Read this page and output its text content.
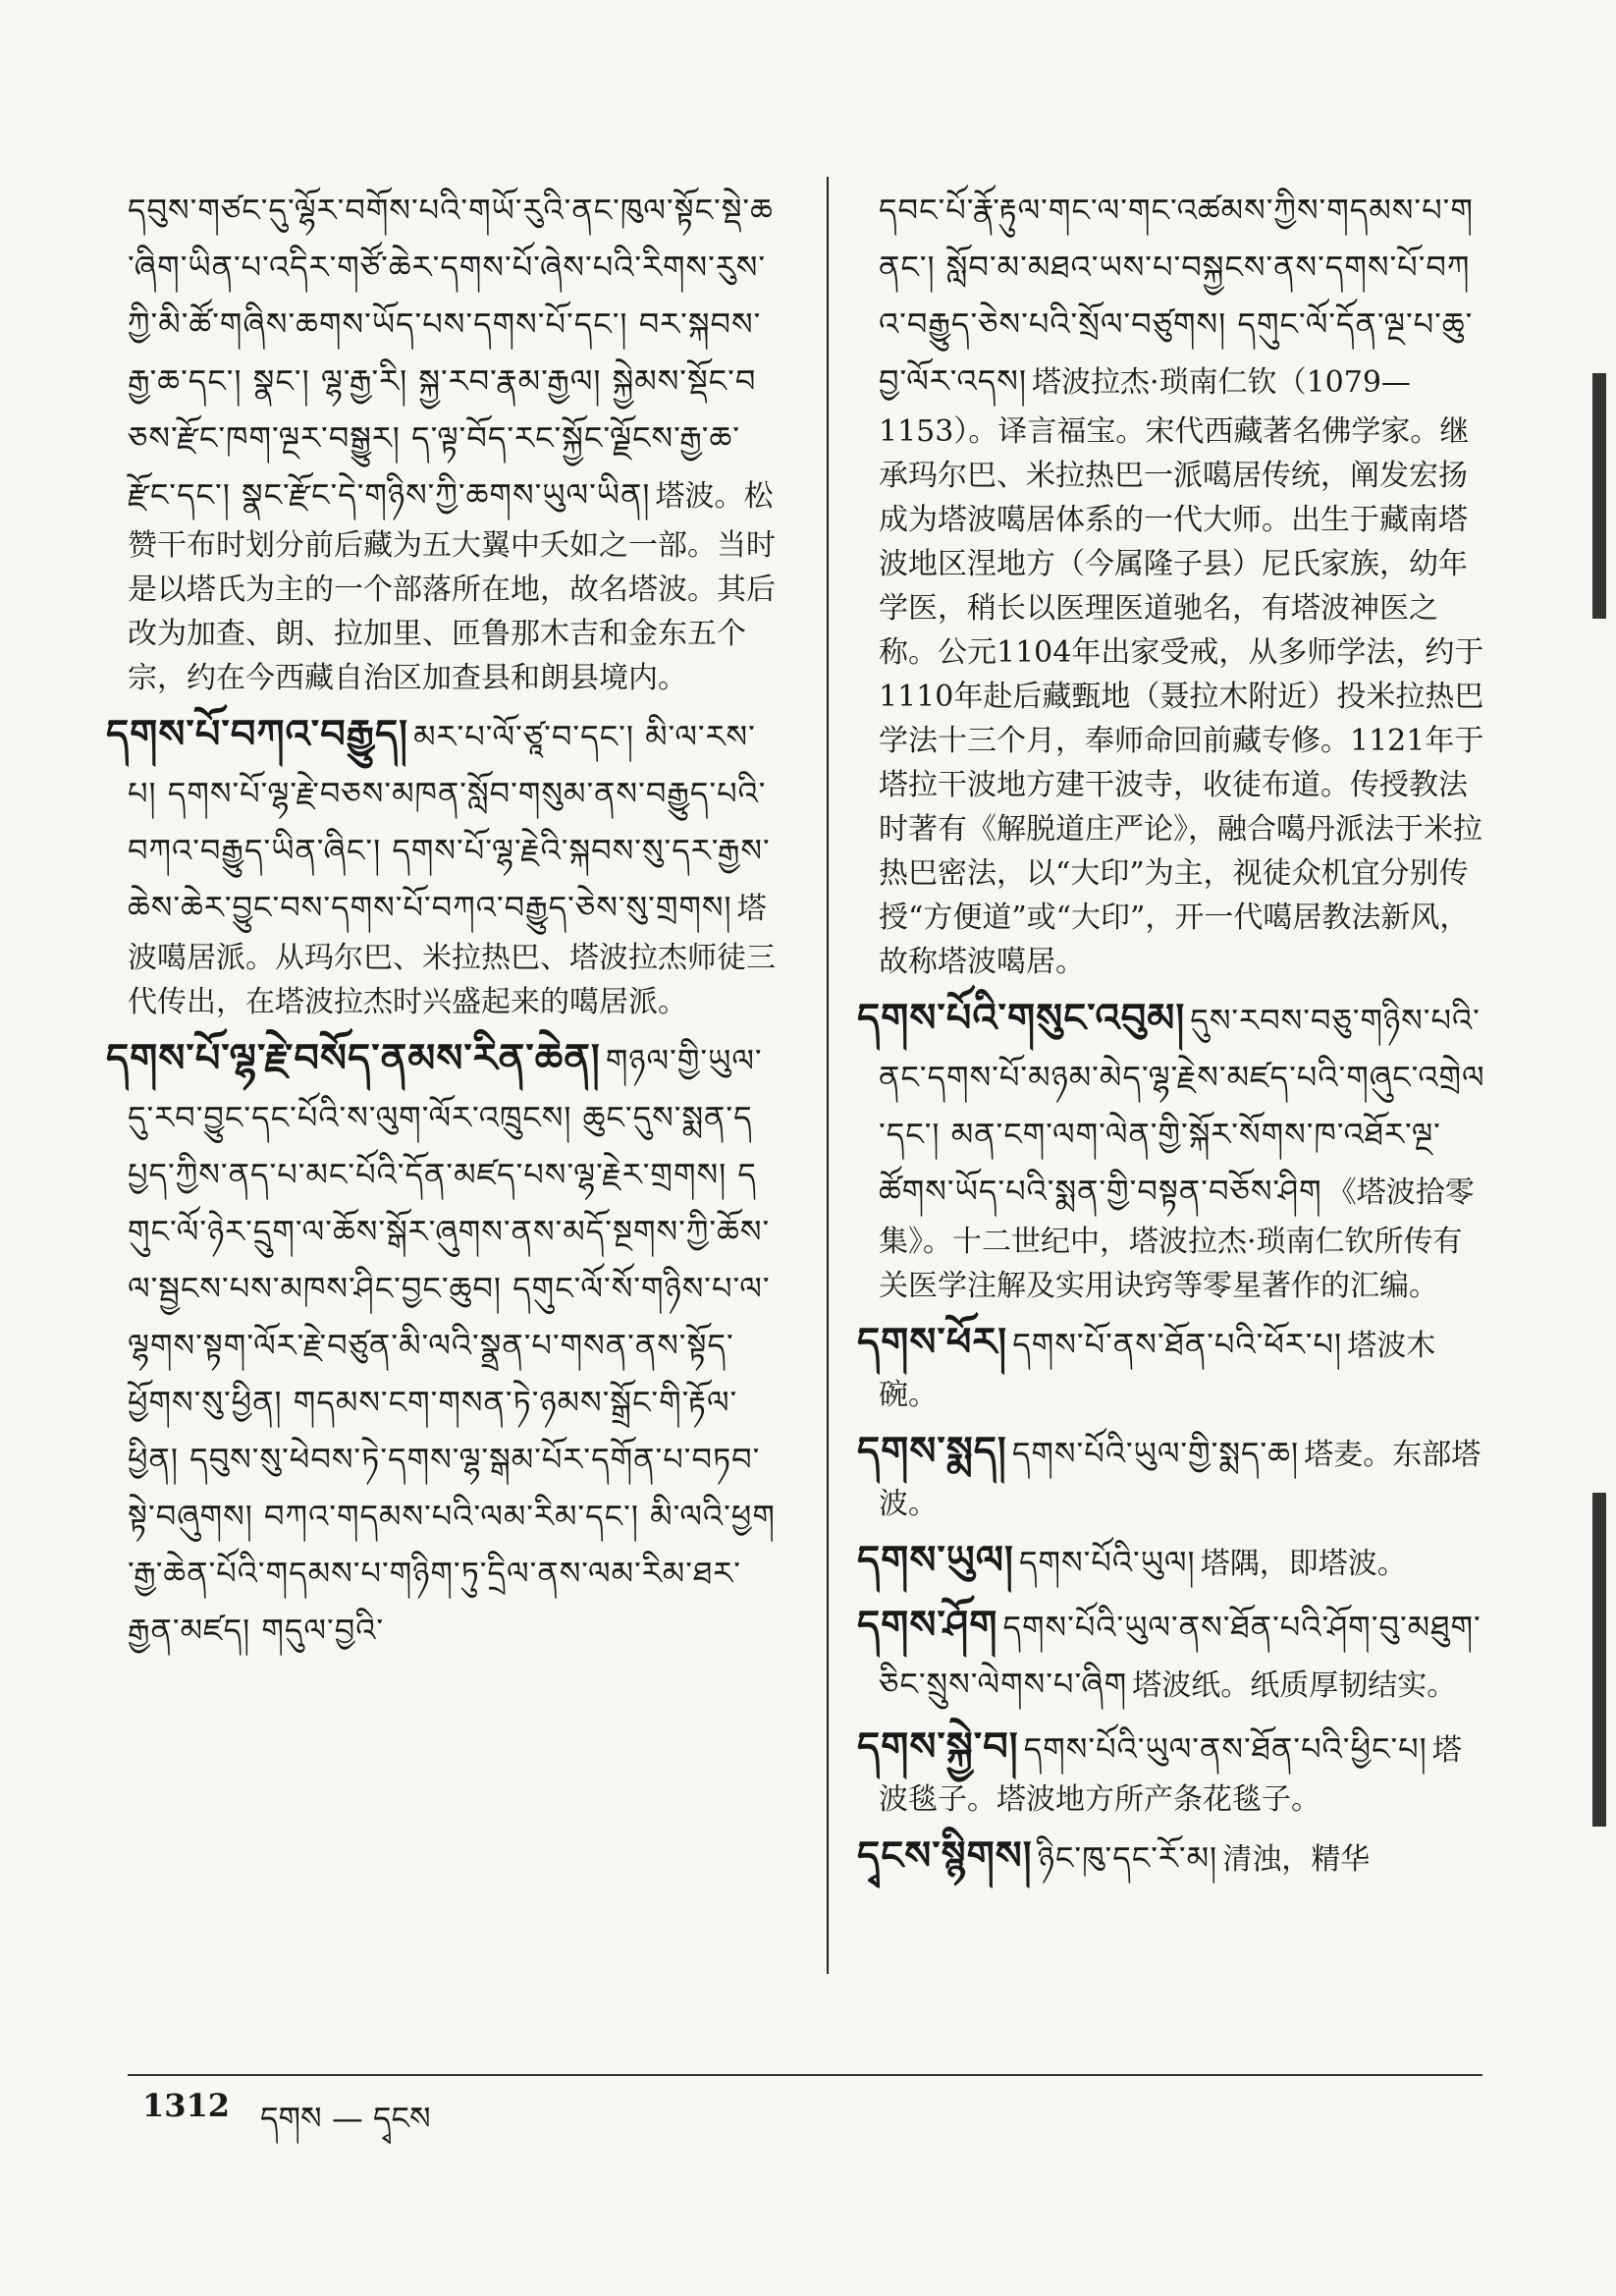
དབུས་གཙང་དུ་ལྷོར་བགོས་པའི་གཡོ་རུའི་ནང་ཁུལ་སྟོང་སྡེ་ཆ་ཞིག་ཡིན་པ་འདིར་གཙོ་ཆེར་དགས་པོ་ཞེས་པའི་རིགས་རུས་ཀྱི་མི་ཚོ་གཞིས་ཆགས་ཡོད་པས་དགས་པོ་དང་། བར་སྐབས་རྒྱ་ཆ་དང་། སྣང་། ལྷ་རྒྱ་རི། སྐྱ་རབ་རྣམ་རྒྱལ། སྐྱེམས་སྡོང་བཅས་རྫོང་ཁག་ལྔར་བསྒྱུར། ད་ལྟ་བོད་རང་སྐྱོང་ལྗོངས་རྒྱ་ཆ་རྫོང་དང་། སྣང་རྫོང་དེ་གཉིས་ཀྱི་ཆགས་ཡུལ་ཡིན། 塔波。松赞干布时划分前后藏为五大翼中夭如之一部。当时是以塔氏为主的一个部落所在地，故名塔波。其后改为加查、朗、拉加里、匝鲁那木吉和金东五个宗，约在今西藏自治区加查县和朗县境内。
དགས་པོ་བཀའ་བརྒྱུད། མར་པ་ལོ་ཙཱ་བ་དང་། མི་ལ་རས་པ། དགས་པོ་ལྷ་རྗེ་བཅས་མཁན་སློབ་གསུམ་ནས་བརྒྱུད་པའི་བཀའ་བརྒྱུད་ཡིན་ཞིང་། དགས་པོ་ལྷ་རྗེའི་སྐབས་སུ་དར་རྒྱས་ཆེས་ཆེར་བྱུང་བས་དགས་པོ་བཀའ་བརྒྱུད་ཅེས་སུ་གྲགས། 塔波噶居派。从玛尔巴、米拉热巴、塔波拉杰师徒三代传出，在塔波拉杰时兴盛起来的噶居派。
དགས་པོ་ལྷ་རྗེ་བསོད་ནམས་རིན་ཆེན། གཉལ་གྱི་ཡུལ་དུ་རབ་བྱུང་དང་པོའི་ས་ལུག་ལོར་འཁྲུངས། ཆུང་དུས་སྨན་དཔྱད་ཀྱིས་ནད་པ་མང་པོའི་དོན་མཛད་པས་ལྷ་རྗེར་གྲགས། དགུང་ལོ་ཉེར་དྲུག་ལ་ཆོས་སྒོར་ཞུགས་ནས་མདོ་སྔགས་ཀྱི་ཆོས་ལ་སྦྱངས་པས་མཁས་ཤིང་བྱང་ཆུབ། དགུང་ལོ་སོ་གཉིས་པ་ལ་ལྷགས་སྟག་ལོར་རྗེ་བཙུན་མི་ལའི་སྣྲན་པ་གསན་ནས་སྟོད་ཕྱོགས་སུ་ཕྱིན། གདམས་ངག་གསན་ཏེ་ཉམས་སྒྲོང་གི་རྟོལ་ཕྱིན། དབུས་སུ་ཕེབས་ཏེ་དགས་ལྷ་སྒམ་པོར་དགོན་པ་བཏབ་སྟེ་བཞུགས། བཀའ་གདམས་པའི་ལམ་རིམ་དང་། མི་ལའི་ཕྱག་རྒྱ་ཆེན་པོའི་གདམས་པ་གཉིག་ཏུ་དྲིལ་ནས་ལམ་རིམ་ཐར་རྒྱན་མཛད། གདུལ་བྱའི་
དབང་པོ་རྣོ་རྟུལ་གང་ལ་གང་འཚམས་ཀྱིས་གདམས་པ་གནང་། སློབ་མ་མཐའ་ཡས་པ་བསྐྱངས་ནས་དགས་པོ་བཀའ་བརྒྱུད་ཅེས་པའི་སྲོལ་བཙུགས། དགུང་ལོ་དོན་ལྔ་པ་ཆུ་བྱ་ལོར་འདས། 塔波拉杰·琐南仁钦（1079—1153）。译言福宝。宋代西藏著名佛学家。继承玛尔巴、米拉热巴一派噶居传统，阐发宏扬成为塔波噶居体系的一代大师。出生于藏南塔波地区涅地方（今属隆子县）尼氏家族，幼年学医，稍长以医理医道驰名，有塔波神医之称。公元1104年出家受戒，从多师学法，约于1110年赴后藏甄地（聂拉木附近）投米拉热巴学法十三个月，奉师命回前藏专修。1121年于塔拉干波地方建干波寺，收徒布道。传授教法时著有《解脱道庄严论》，融合噶丹派法于米拉热巴密法，以“大印”为主，视徒众机宜分别传授“方便道”或“大印”，开一代噶居教法新风，故称塔波噶居。
དགས་པོའི་གསུང་འབུམ། དུས་རབས་བཅུ་གཉིས་པའི་ནང་དགས་པོ་མཉམ་མེད་ལྷ་རྗེས་མཛད་པའི་གཞུང་འགྲེལ་དང་། མན་ངག་ལག་ལེན་གྱི་སྐོར་སོགས་ཁ་འཐོར་ལྔ་ཚོགས་ཡོད་པའི་སྨན་གྱི་བསྟན་བཅོས་ཤིག 《塔波拾零集》。十二世纪中，塔波拉杰·琐南仁钦所传有关医学注解及实用诀窍等零星著作的汇编。
དགས་ཕོར། དགས་པོ་ནས་ཐོན་པའི་ཕོར་པ། 塔波木碗。
དགས་སྨད། དགས་པོའི་ཡུལ་གྱི་སྨད་ཆ། 塔麦。东部塔波。
དགས་ཡུལ། དགས་པོའི་ཡུལ། 塔隅，即塔波。
དགས་ཤོག དགས་པོའི་ཡུལ་ནས་ཐོན་པའི་ཤོག་བུ་མཐུག་ཅིང་སྲུས་ལེགས་པ་ཞིག 塔波纸。纸质厚韧结实。
དགས་སྐྱེ་བ། དགས་པོའི་ཡུལ་ནས་ཐོན་པའི་ཕྱིང་པ། 塔波毯子。塔波地方所产条花毯子。
དྭངས་སྙིགས། ཉིང་ཁུ་དང་རོ་མ། 清浊，精华
1312 དགས — དྭངས
